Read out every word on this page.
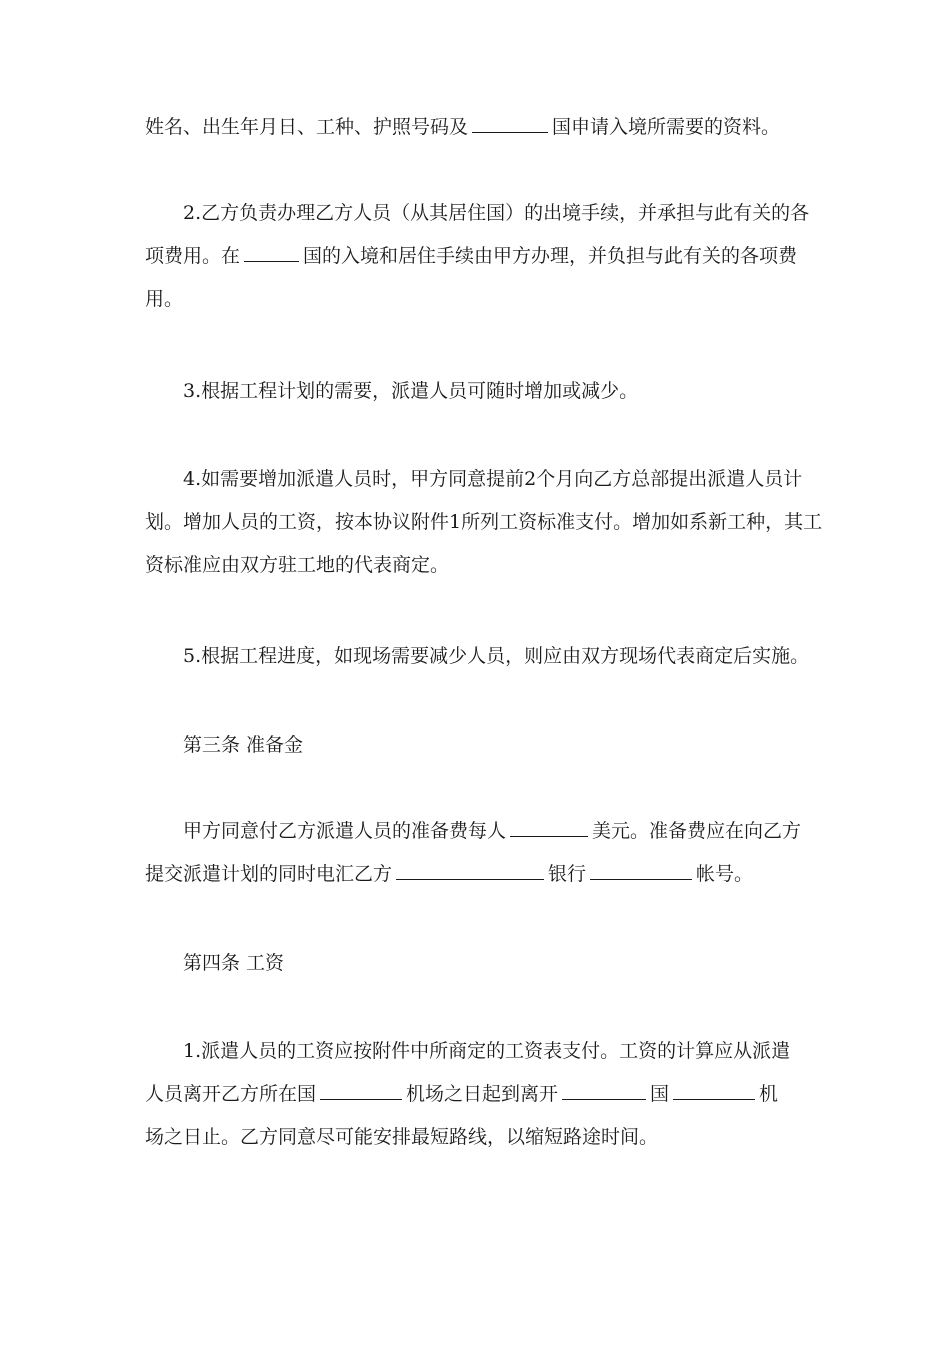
姓名、出生年月日、工种、护照号码及	国申请入境所需要的资料。

2.乙方负责办理乙方人员（从其居住国）的出境手续，并承担与此有关的各
项费用。在	国的入境和居住手续由甲方办理，并负担与此有关的各项费
用。

3.根据工程计划的需要，派遣人员可随时增加或减少。

4.如需要增加派遣人员时，甲方同意提前2个月向乙方总部提出派遣人员计
划。增加人员的工资，按本协议附件1所列工资标准支付。增加如系新工种，其工
资标准应由双方驻工地的代表商定。

5.根据工程进度，如现场需要减少人员，则应由双方现场代表商定后实施。

第三条 准备金

甲方同意付乙方派遣人员的准备费每人	美元。准备费应在向乙方
提交派遣计划的同时电汇乙方	银行	帐号。

第四条 工资

1.派遣人员的工资应按附件中所商定的工资表支付。工资的计算应从派遣
人员离开乙方所在国	机场之日起到离开	国	机
场之日止。乙方同意尽可能安排最短路线，以缩短路途时间。
